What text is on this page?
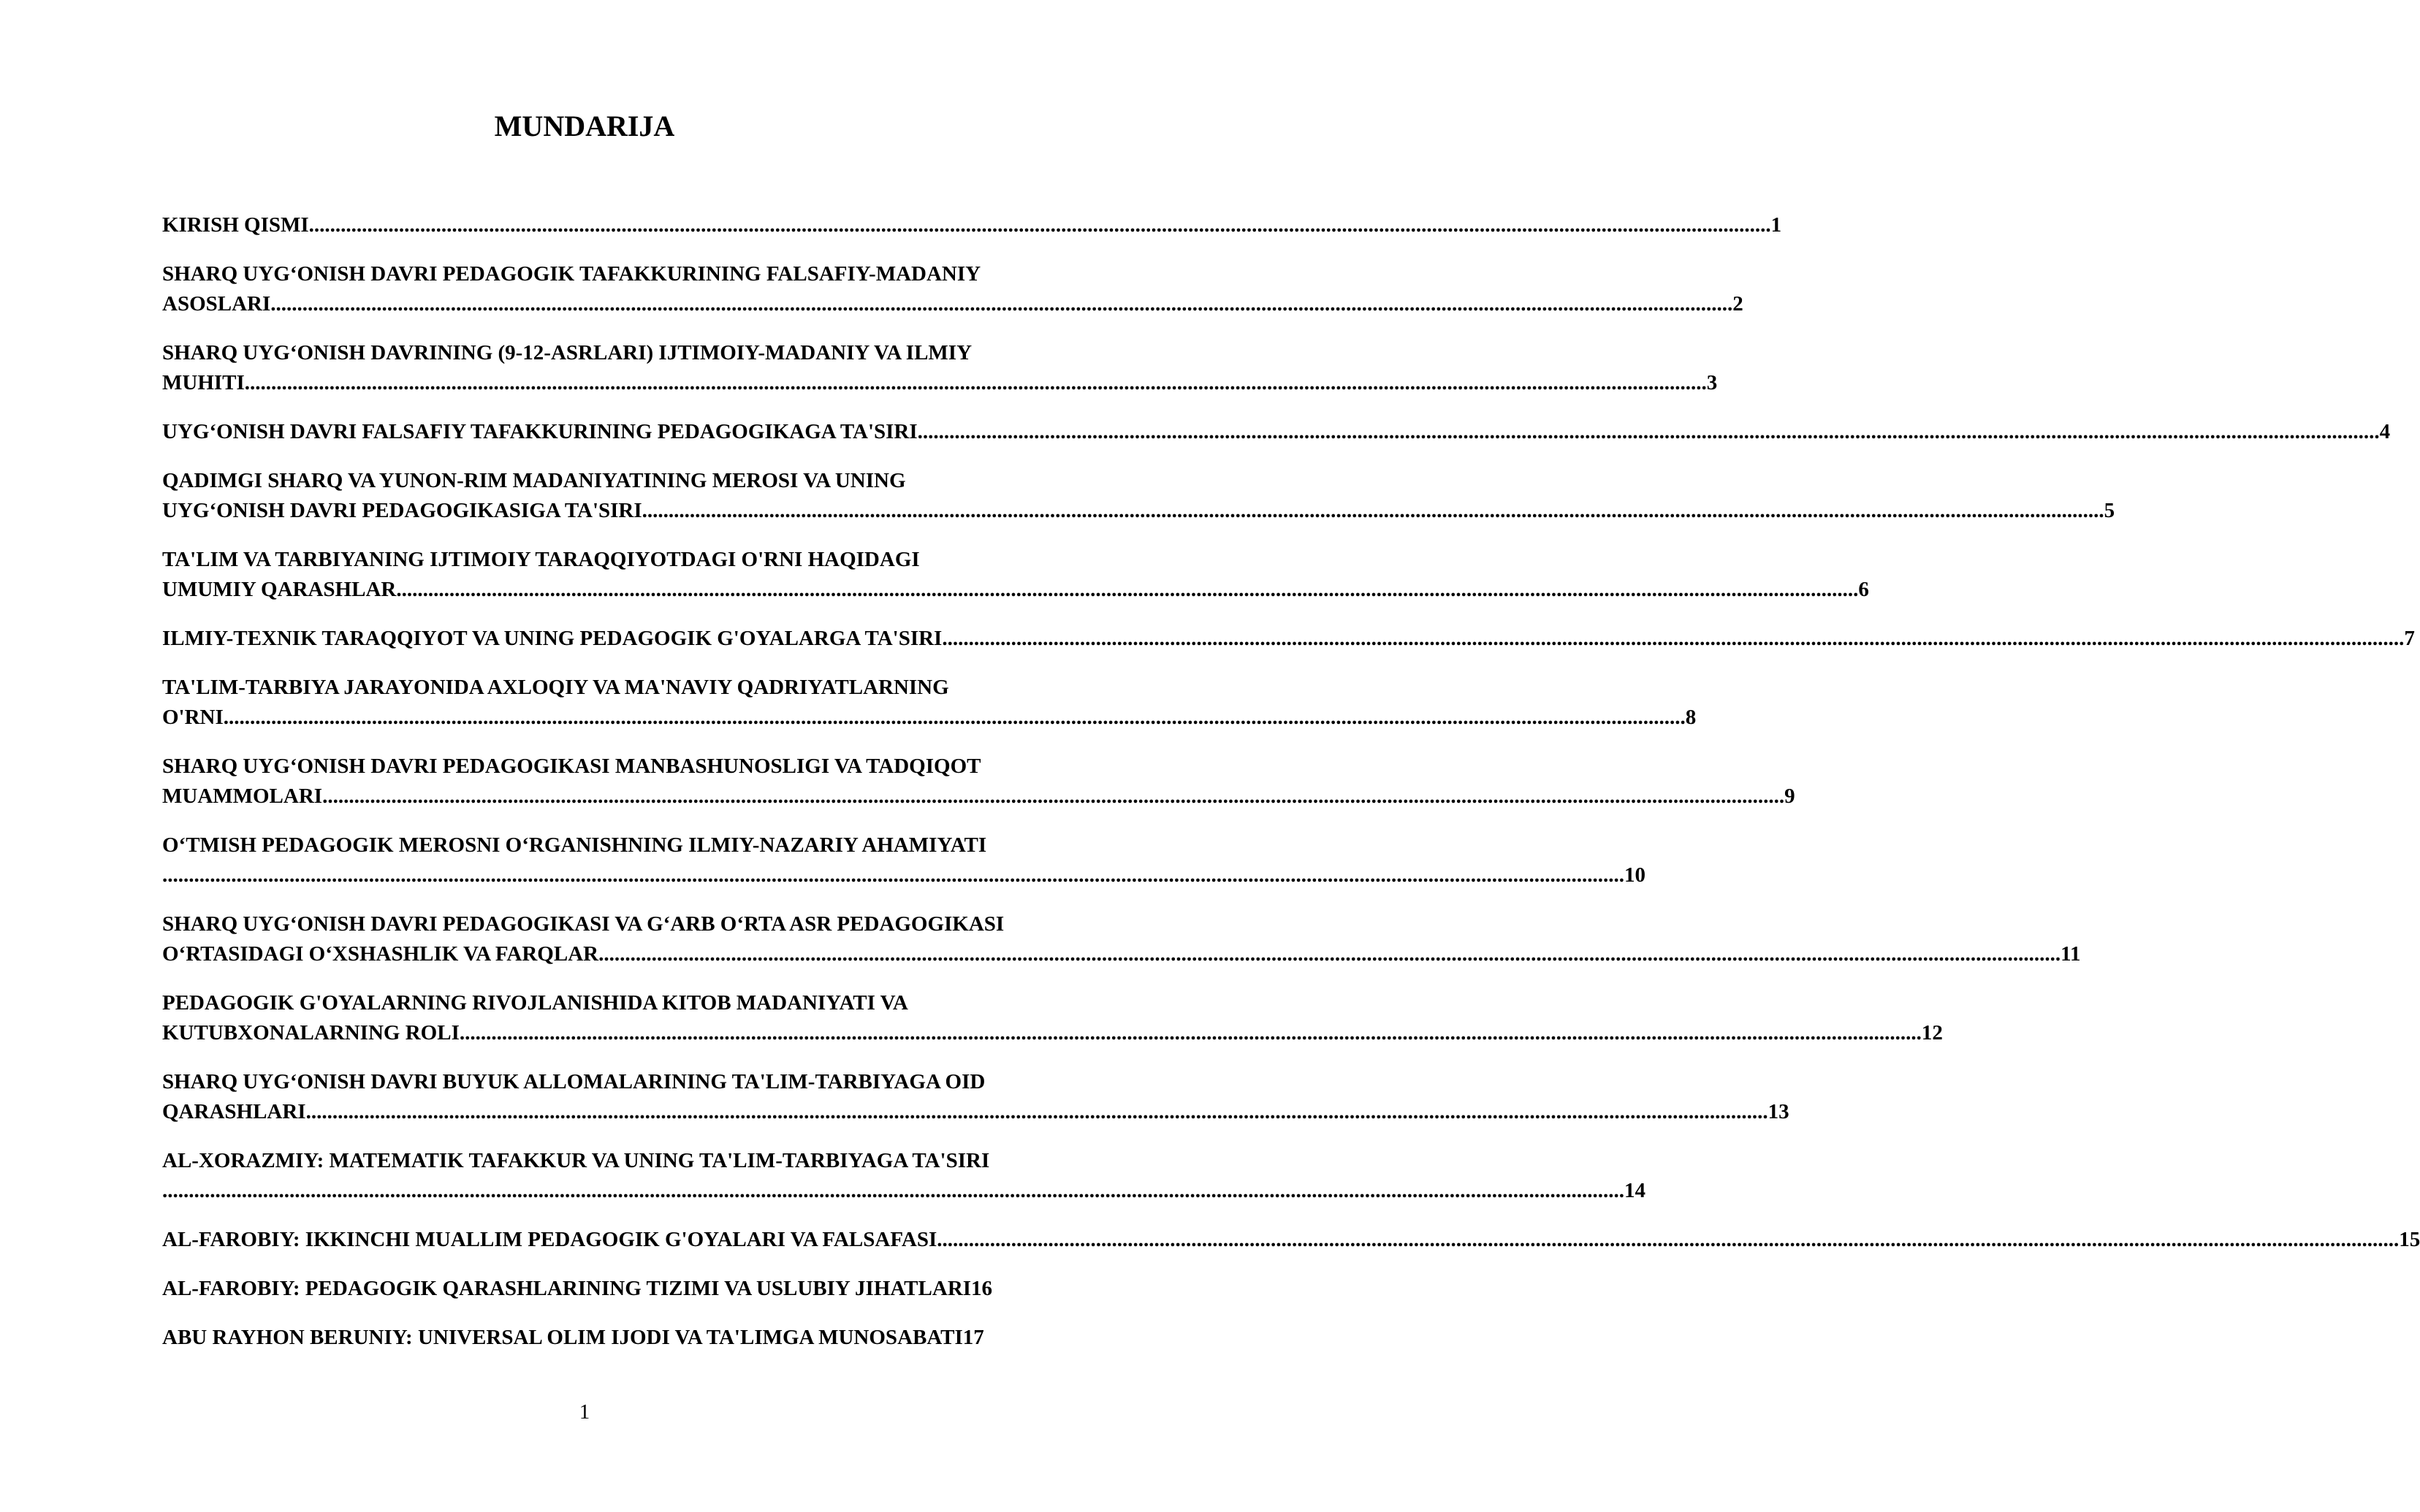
MUNDARIJA
KIRISH QISMI .................................................................................................................................................................................................................................................................................... 1
SHARQ UYG‘ONISH DAVRI PEDAGOGIK TAFAKKURINING FALSAFIY-MADANIY
ASOSLARI .................................................................................................................................................................................................................................................................................... 2
SHARQ UYG‘ONISH DAVRINING (9-12-ASRLARI) IJTIMOIY-MADANIY VA ILMIY
MUHITI .................................................................................................................................................................................................................................................................................... 3
UYG‘ONISH DAVRI FALSAFIY TAFAKKURINING PEDAGOGIKAGA TA'SIRI .................................................................................................................................................................................................................................................................................... 4
QADIMGI SHARQ VA YUNON-RIM MADANIYATINING MEROSI VA UNING
UYG‘ONISH DAVRI PEDAGOGIKASIGA TA'SIRI .................................................................................................................................................................................................................................................................................... 5
TA'LIM VA TARBIYANING IJTIMOIY TARAQQIYOTDAGI O'RNI HAQIDAGI
UMUMIY QARASHLAR .................................................................................................................................................................................................................................................................................... 6
ILMIY-TEXNIK TARAQQIYOT VA UNING PEDAGOGIK G'OYALARGA TA'SIRI .................................................................................................................................................................................................................................................................................... 7
TA'LIM-TARBIYA JARAYONIDA AXLOQIY VA MA'NAVIY QADRIYATLARNING
O'RNI .................................................................................................................................................................................................................................................................................... 8
SHARQ UYG‘ONISH DAVRI PEDAGOGIKASI MANBASHUNOSLIGI VA TADQIQOT
MUAMMOLARI .................................................................................................................................................................................................................................................................................... 9
O‘TMISH PEDAGOGIK MEROSNI O‘RGANISHNING ILMIY-NAZARIY AHAMIYATI
.................................................................................................................................................................................................................................................................................... 10
SHARQ UYG‘ONISH DAVRI PEDAGOGIKASI VA G‘ARB O‘RTA ASR PEDAGOGIKASI
O‘RTASIDAGI O‘XSHASHLIK VA FARQLAR .................................................................................................................................................................................................................................................................................... 11
PEDAGOGIK G'OYALARNING RIVOJLANISHIDA KITOB MADANIYATI VA
KUTUBXONALARNING ROLI .................................................................................................................................................................................................................................................................................... 12
SHARQ UYG‘ONISH DAVRI BUYUK ALLOMALARINING TA'LIM-TARBIYAGA OID
QARASHLARI .................................................................................................................................................................................................................................................................................... 13
AL-XORAZMIY: MATEMATIK TAFAKKUR VA UNING TA'LIM-TARBIYAGA TA'SIRI
.................................................................................................................................................................................................................................................................................... 14
AL-FAROBIY: IKKINCHI MUALLIM PEDAGOGIK G'OYALARI VA FALSAFASI .................................................................................................................................................................................................................................................................................... 15
AL-FAROBIY: PEDAGOGIK QARASHLARINING TIZIMI VA USLUBIY JIHATLARI 16
ABU RAYHON BERUNIY: UNIVERSAL OLIM IJODI VA TA'LIMGA MUNOSABATI 17
1
